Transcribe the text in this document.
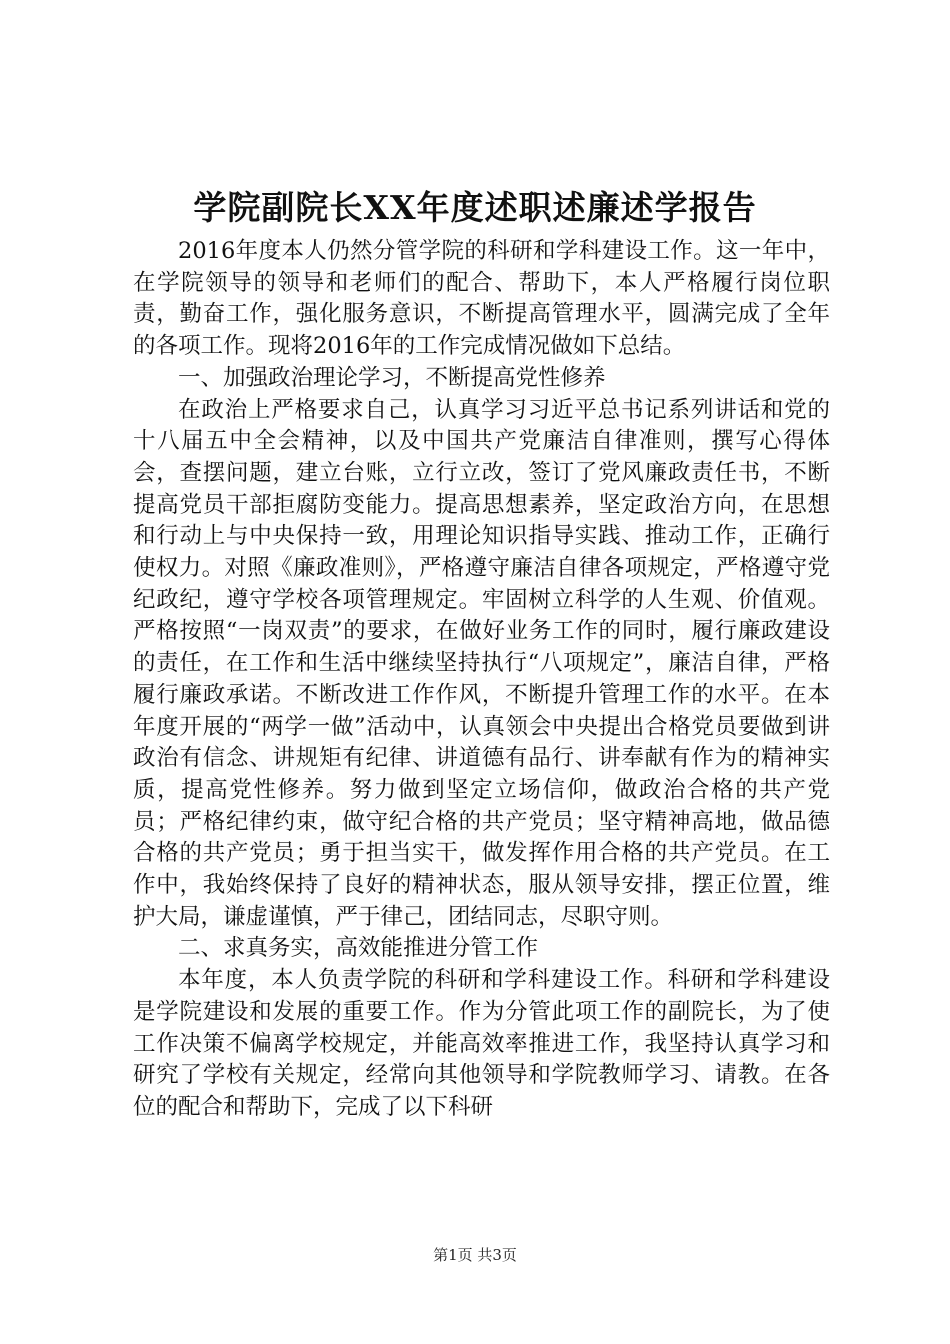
学院副院长XX年度述职述廉述学报告

2016年度本人仍然分管学院的科研和学科建设工作。这一年中，在学院领导的领导和老师们的配合、帮助下，本人严格履行岗位职责，勤奋工作，强化服务意识，不断提高管理水平，圆满完成了全年的各项工作。现将2016年的工作完成情况做如下总结。

一、加强政治理论学习，不断提高党性修养

在政治上严格要求自己，认真学习习近平总书记系列讲话和党的十八届五中全会精神，以及中国共产党廉洁自律准则，撰写心得体会，查摆问题，建立台账，立行立改，签订了党风廉政责任书，不断提高党员干部拒腐防变能力。提高思想素养，坚定政治方向，在思想和行动上与中央保持一致，用理论知识指导实践、推动工作，正确行使权力。对照《廉政准则》，严格遵守廉洁自律各项规定，严格遵守党纪政纪，遵守学校各项管理规定。牢固树立科学的人生观、价值观。严格按照“一岗双责”的要求，在做好业务工作的同时，履行廉政建设的责任，在工作和生活中继续坚持执行“八项规定”，廉洁自律，严格履行廉政承诺。不断改进工作作风，不断提升管理工作的水平。在本年度开展的“两学一做”活动中，认真领会中央提出合格党员要做到讲政治有信念、讲规矩有纪律、讲道德有品行、讲奉献有作为的精神实质，提高党性修养。努力做到坚定立场信仰，做政治合格的共产党员；严格纪律约束，做守纪合格的共产党员；坚守精神高地，做品德合格的共产党员；勇于担当实干，做发挥作用合格的共产党员。在工作中，我始终保持了良好的精神状态，服从领导安排，摆正位置，维护大局，谦虚谨慎，严于律己，团结同志，尽职守则。

二、求真务实，高效能推进分管工作

本年度，本人负责学院的科研和学科建设工作。科研和学科建设是学院建设和发展的重要工作。作为分管此项工作的副院长，为了使工作决策不偏离学校规定，并能高效率推进工作，我坚持认真学习和研究了学校有关规定，经常向其他领导和学院教师学习、请教。在各位的配合和帮助下，完成了以下科研

第1页 共3页
